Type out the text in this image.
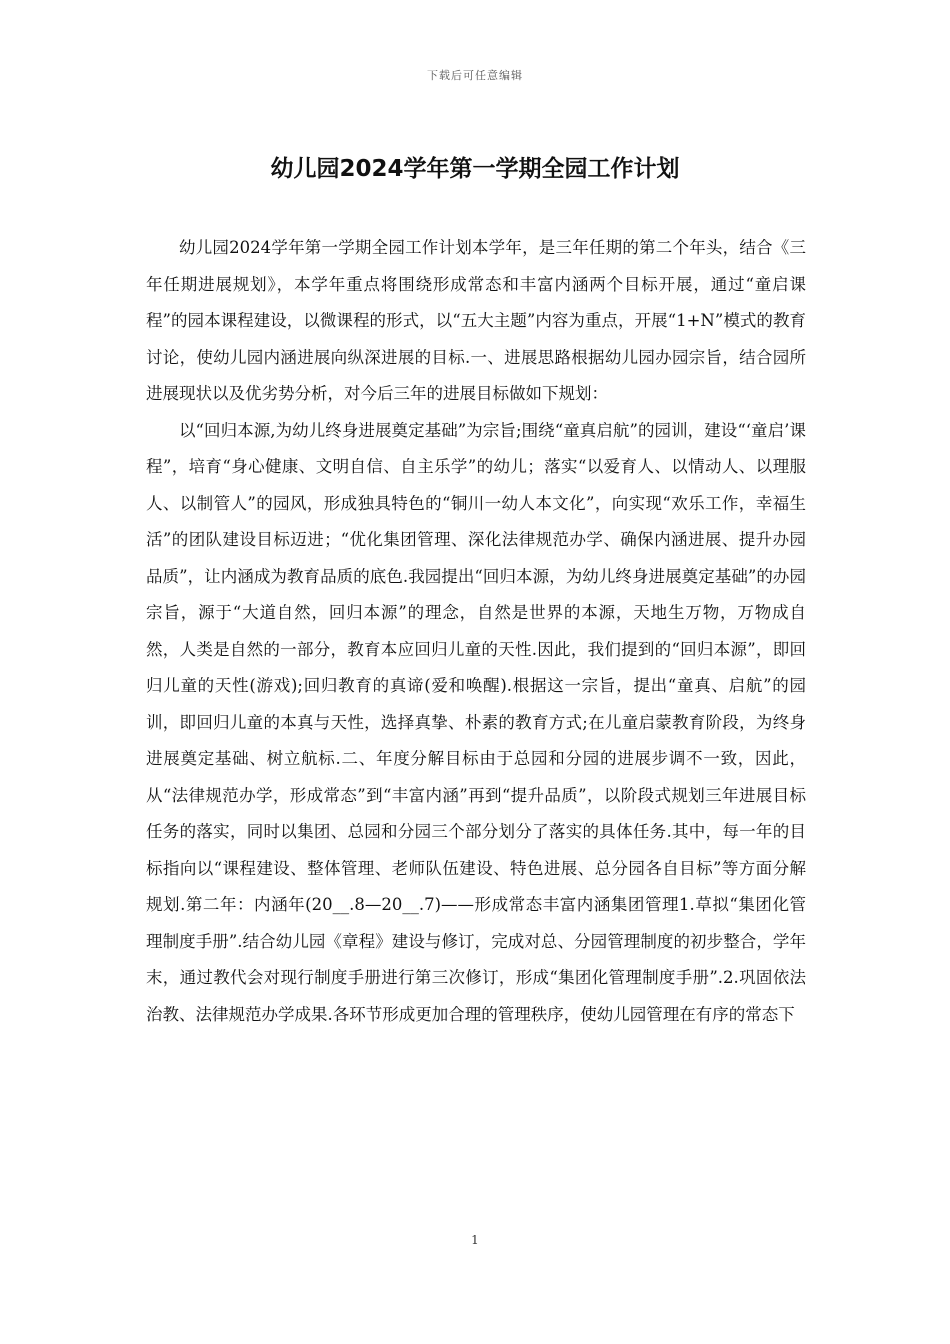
下载后可任意编辑
幼儿园2024学年第一学期全园工作计划

幼儿园2024学年第一学期全园工作计划本学年，是三年任期的第二个年头，结合《三年任期进展规划》，本学年重点将围绕形成常态和丰富内涵两个目标开展，通过“童启课程”的园本课程建设，以微课程的形式，以“五大主题”内容为重点，开展“1+N”模式的教育讨论，使幼儿园内涵进展向纵深进展的目标.一、进展思路根据幼儿园办园宗旨，结合园所进展现状以及优劣势分析，对今后三年的进展目标做如下规划：

以“回归本源,为幼儿终身进展奠定基础”为宗旨;围绕“童真启航”的园训，建设“‘童启’课程”，培育“身心健康、文明自信、自主乐学”的幼儿；落实“以爱育人、以情动人、以理服人、以制管人”的园风，形成独具特色的“铜川一幼人本文化”，向实现“欢乐工作，幸福生活”的团队建设目标迈进；“优化集团管理、深化法律规范办学、确保内涵进展、提升办园品质”，让内涵成为教育品质的底色.我园提出“回归本源，为幼儿终身进展奠定基础”的办园宗旨，源于“大道自然，回归本源”的理念，自然是世界的本源，天地生万物，万物成自然，人类是自然的一部分，教育本应回归儿童的天性.因此，我们提到的“回归本源”，即回归儿童的天性(游戏);回归教育的真谛(爱和唤醒).根据这一宗旨，提出“童真、启航”的园训，即回归儿童的本真与天性，选择真挚、朴素的教育方式;在儿童启蒙教育阶段，为终身进展奠定基础、树立航标.二、年度分解目标由于总园和分园的进展步调不一致，因此，从“法律规范办学，形成常态”到“丰富内涵”再到“提升品质”，以阶段式规划三年进展目标任务的落实，同时以集团、总园和分园三个部分划分了落实的具体任务.其中，每一年的目标指向以“课程建设、整体管理、老师队伍建设、特色进展、总分园各自目标”等方面分解规划.第二年：内涵年(20__.8—20__.7)——形成常态丰富内涵集团管理1.草拟“集团化管理制度手册”.结合幼儿园《章程》建设与修订，完成对总、分园管理制度的初步整合，学年末，通过教代会对现行制度手册进行第三次修订，形成“集团化管理制度手册”.2.巩固依法治教、法律规范办学成果.各环节形成更加合理的管理秩序，使幼儿园管理在有序的常态下

1
